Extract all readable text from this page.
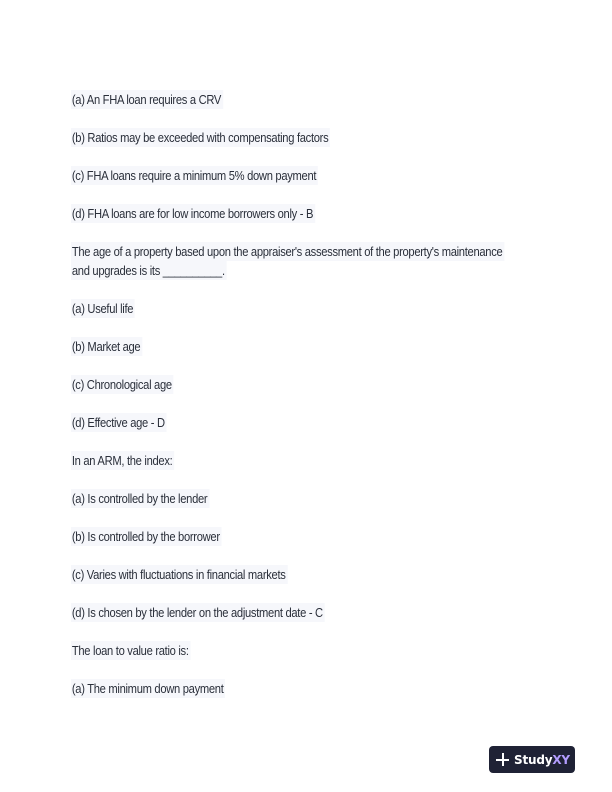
(a) An FHA loan requires a CRV
(b) Ratios may be exceeded with compensating factors
(c) FHA loans require a minimum 5% down payment
(d) FHA loans are for low income borrowers only - B
The age of a property based upon the appraiser's assessment of the property's maintenance
and upgrades is its __________.
(a) Useful life
(b) Market age
(c) Chronological age
(d) Effective age - D
In an ARM, the index:
(a) Is controlled by the lender
(b) Is controlled by the borrower
(c) Varies with fluctuations in financial markets
(d) Is chosen by the lender on the adjustment date - C
The loan to value ratio is:
(a) The minimum down payment
StudyXY
